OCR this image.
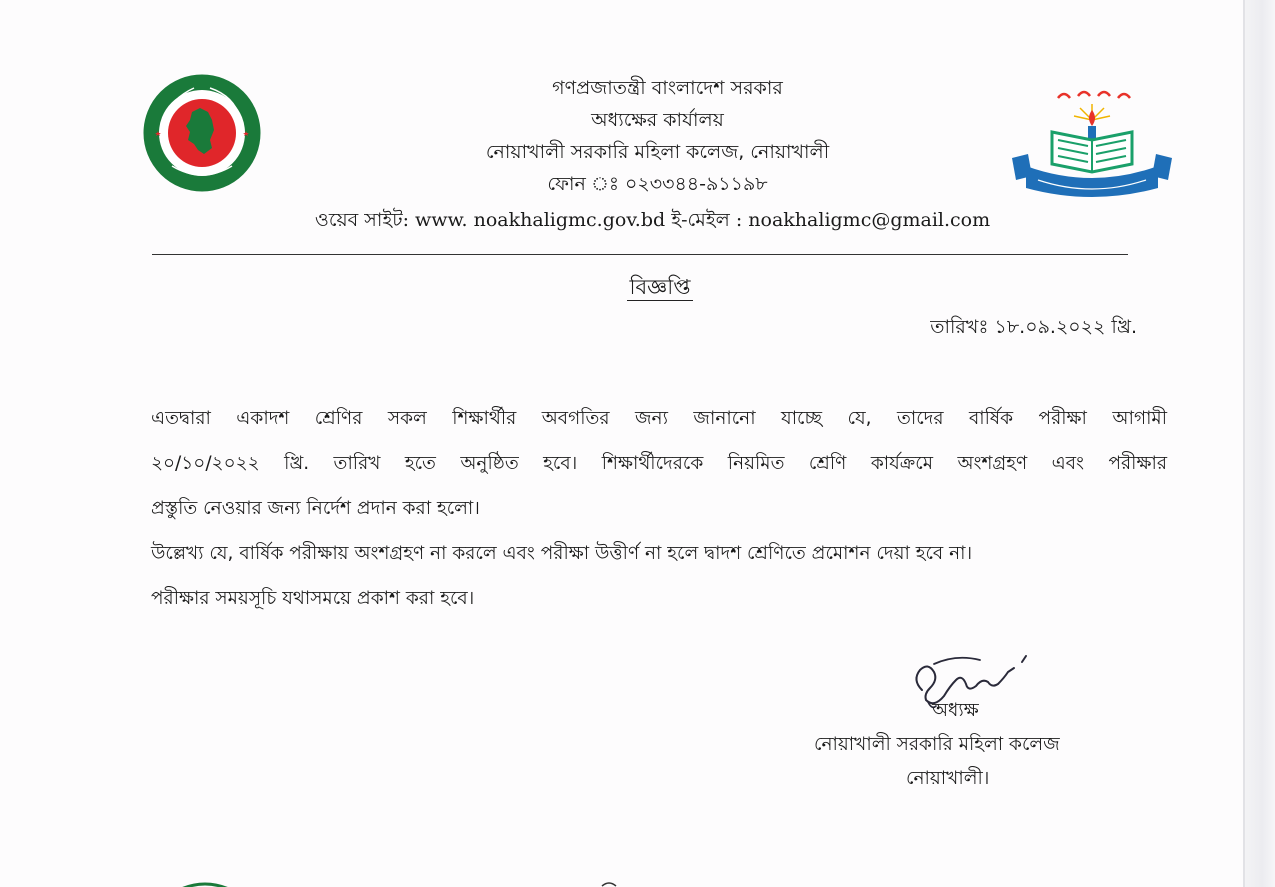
গণপ্রজাতন্ত্রী বাংলাদেশ সরকার
অধ্যক্ষের কার্যালয়
নোয়াখালী সরকারি মহিলা কলেজ, নোয়াখালী
ফোন ঃ ০২৩৩৪৪-৯১১৯৮
ওয়েব সাইট: www. noakhaligmc.gov.bd ই-মেইল : noakhaligmc@gmail.com
বিজ্ঞপ্তি
তারিখঃ ১৮.০৯.২০২২ খ্রি.

এতদ্বারা একাদশ শ্রেণির সকল শিক্ষার্থীর অবগতির জন্য জানানো যাচ্ছে যে, তাদের বার্ষিক পরীক্ষা আগামী
২০/১০/২০২২ খ্রি. তারিখ হতে অনুষ্ঠিত হবে। শিক্ষার্থীদেরকে নিয়মিত শ্রেণি কার্যক্রমে অংশগ্রহণ এবং পরীক্ষার
প্রস্তুতি নেওয়ার জন্য নির্দেশ প্রদান করা হলো।

উল্লেখ্য যে, বার্ষিক পরীক্ষায় অংশগ্রহণ না করলে এবং পরীক্ষা উত্তীর্ণ না হলে দ্বাদশ শ্রেণিতে প্রমোশন দেয়া হবে না।

পরীক্ষার সময়সূচি যথাসময়ে প্রকাশ করা হবে।

অধ্যক্ষ
নোয়াখালী সরকারি মহিলা কলেজ
নোয়াখালী।
